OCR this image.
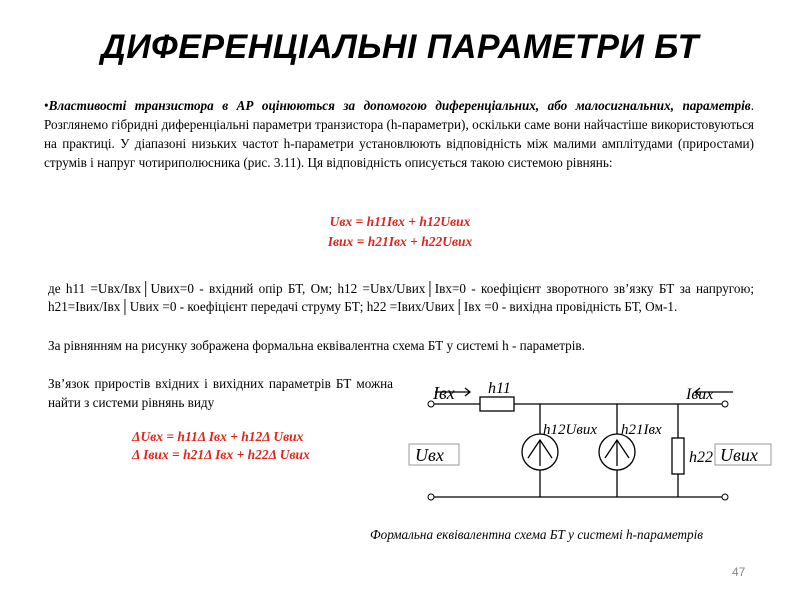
ДИФЕРЕНЦІАЛЬНІ ПАРАМЕТРИ БТ
•Властивості транзистора в АР оцінюються за допомогою диференціальних, або малосигнальних, параметрів. Розглянемо гібридні диференціальні параметри транзистора (h-параметри), оскільки саме вони найчастіше використовуються на практиці. У діапазоні низьких частот h-параметри установлюють відповідність між малими амплітудами (приростами) струмів і напруг чотириполюсника (рис. 3.11). Ця відповідність описується такою системою рівнянь:
Uвх = h11Iвх + h12Uвих
Iвих = h21Iвх + h22Uвих
де h11 =Uвх/Iвх│Uвих=0 - вхідний опір БТ, Ом; h12 =Uвх/Uвих│Iвх=0 - коефіцієнт зворотного зв’язку БТ за напругою; h21=Iвих/Iвх│Uвих =0 - коефіцієнт передачі струму БТ; h22 =Iвих/Uвих│Iвх =0 - вихідна провідність БТ, Ом-1.
За рівнянням на рисунку зображена формальна еквівалентна схема БТ у системі h - параметрів.
Зв’язок приростів вхідних і вихідних параметрів БТ можна найти з системи рівнянь виду
ΔUвх = h11Δ Iвх + h12Δ Uвих
Δ Iвих = h21Δ Iвх + h22Δ Uвих
Iвх h11
h12Uвих h21Iвх
Iвих
h22
Uвх	Uвих
Формальна еквівалентна схема БТ у системі h-параметрів
47
